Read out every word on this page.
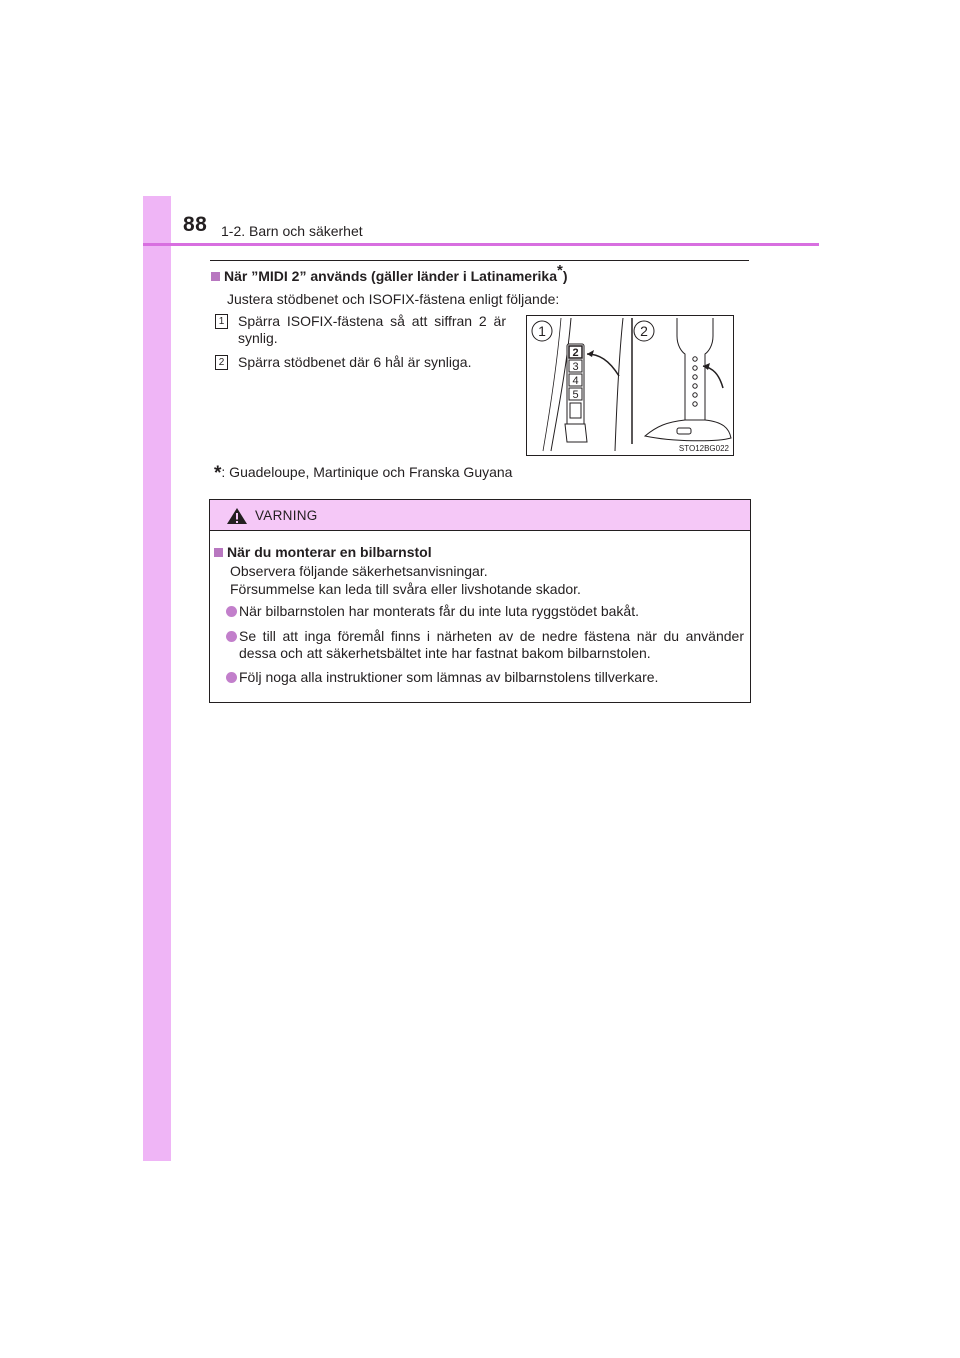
88 1-2. Barn och säkerhet
När ”MIDI 2” används (gäller länder i Latinamerika*)
Justera stödbenet och ISOFIX-fästena enligt följande:
1 Spärra ISOFIX-fästena så att siffran 2 är synlig.
2 Spärra stödbenet där 6 hål är synliga.
1	2
2
3
4
5
STO12BG022
*: Guadeloupe, Martinique och Franska Guyana
VARNING
När du monterar en bilbarnstol
Observera följande säkerhetsanvisningar.
Försummelse kan leda till svåra eller livshotande skador.
När bilbarnstolen har monterats får du inte luta ryggstödet bakåt.
Se till att inga föremål finns i närheten av de nedre fästena när du använder dessa och att säkerhetsbältet inte har fastnat bakom bilbarnstolen.
Följ noga alla instruktioner som lämnas av bilbarnstolens tillverkare.
